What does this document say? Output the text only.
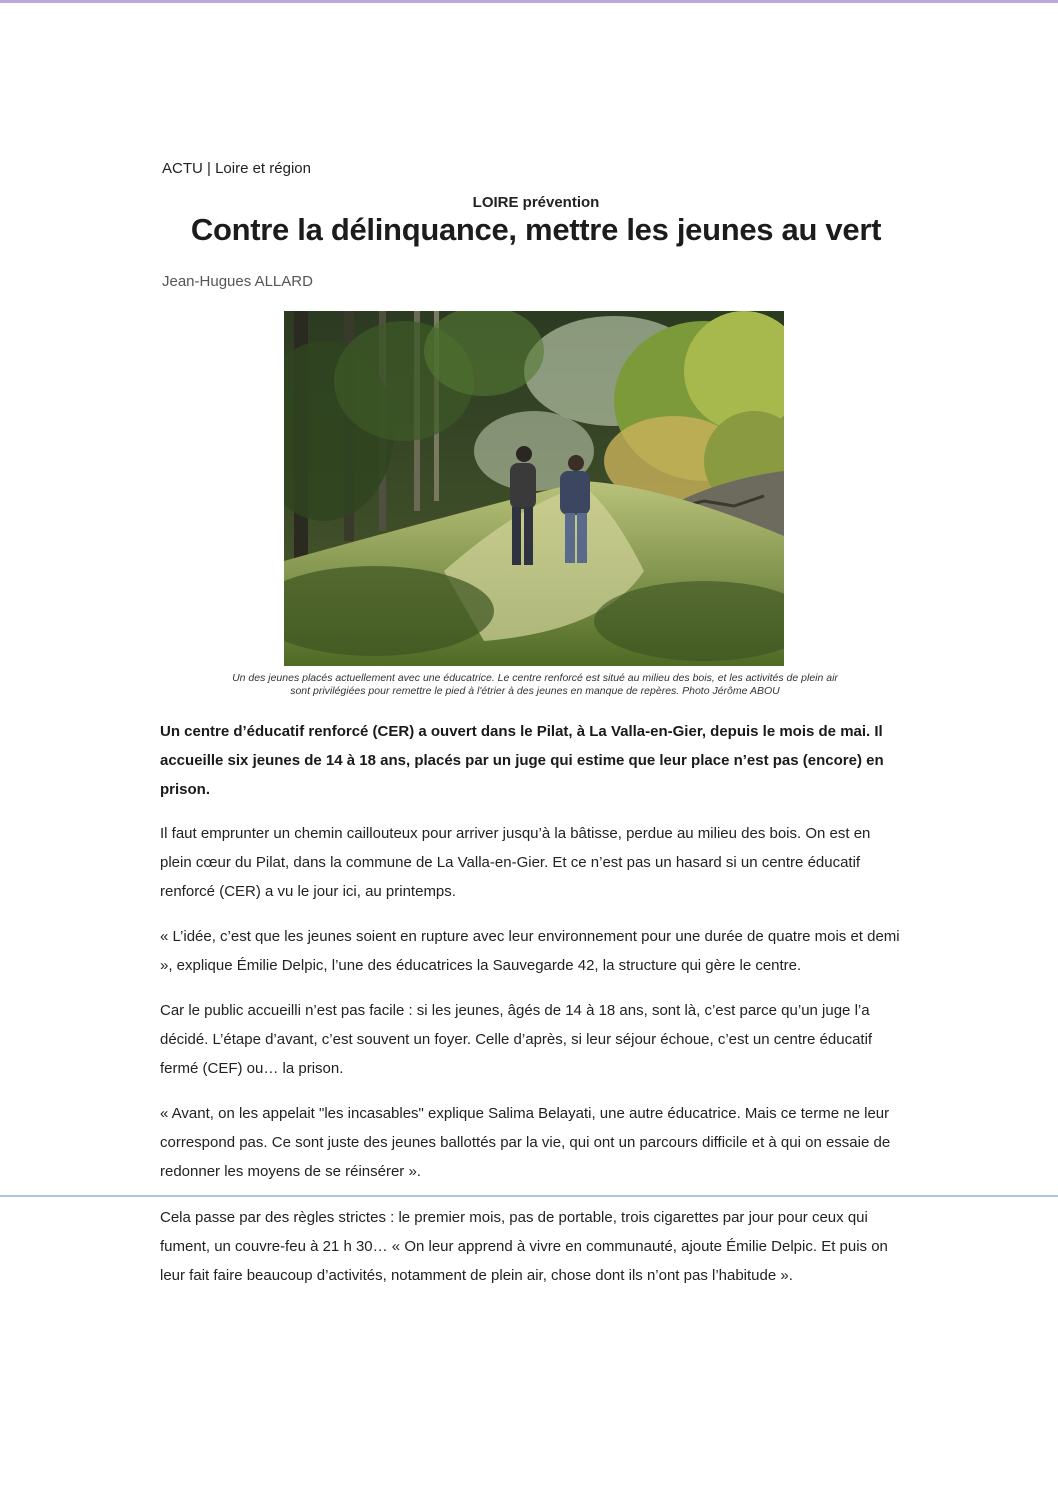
ACTU | Loire et région
LOIRE prévention
Contre la délinquance, mettre les jeunes au vert
Jean-Hugues ALLARD
Un des jeunes placés actuellement avec une éducatrice. Le centre renforcé est situé au milieu des bois, et les activités de plein air
sont privilégiées pour remettre le pied à l'étrier à des jeunes en manque de repères. Photo Jérôme ABOU

Un centre d’éducatif renforcé (CER) a ouvert dans le Pilat, à La Valla-en-Gier, depuis le mois de mai. Il accueille six jeunes de 14 à 18 ans, placés par un juge qui estime que leur place n’est pas (encore) en prison.

Il faut emprunter un chemin caillouteux pour arriver jusqu’à la bâtisse, perdue au milieu des bois. On est en plein cœur du Pilat, dans la commune de La Valla-en-Gier. Et ce n’est pas un hasard si un centre éducatif renforcé (CER) a vu le jour ici, au printemps.

« L’idée, c’est que les jeunes soient en rupture avec leur environnement pour une durée de quatre mois et demi », explique Émilie Delpic, l’une des éducatrices la Sauvegarde 42, la structure qui gère le centre.

Car le public accueilli n’est pas facile : si les jeunes, âgés de 14 à 18 ans, sont là, c’est parce qu’un juge l’a décidé. L’étape d’avant, c’est souvent un foyer. Celle d’après, si leur séjour échoue, c’est un centre éducatif fermé (CEF) ou… la prison.

« Avant, on les appelait "les incasables" explique Salima Belayati, une autre éducatrice. Mais ce terme ne leur correspond pas. Ce sont juste des jeunes ballottés par la vie, qui ont un parcours difficile et à qui on essaie de redonner les moyens de se réinsérer ».

Cela passe par des règles strictes : le premier mois, pas de portable, trois cigarettes par jour pour ceux qui fument, un couvre-feu à 21 h 30… « On leur apprend à vivre en communauté, ajoute Émilie Delpic. Et puis on leur fait faire beaucoup d’activités, notamment de plein air, chose dont ils n’ont pas l’habitude ».
